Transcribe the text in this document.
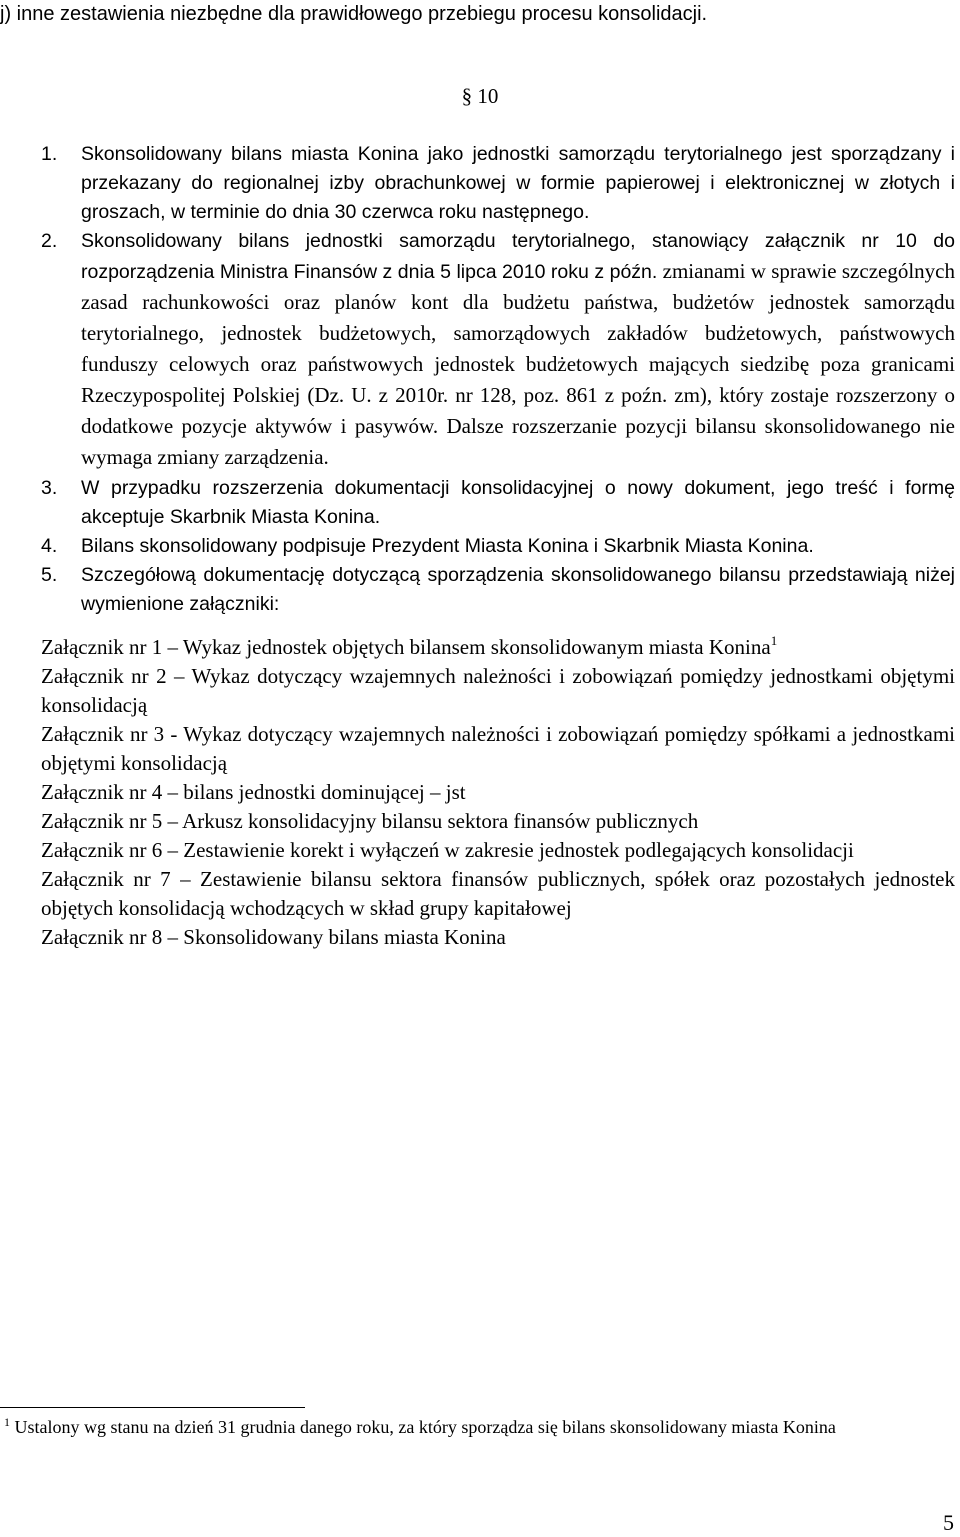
j) inne zestawienia niezbędne dla prawidłowego przebiegu procesu konsolidacji.

§ 10

1.	Skonsolidowany bilans miasta Konina jako jednostki samorządu terytorialnego jest sporządzany i przekazany do regionalnej izby obrachunkowej w formie papierowej i elektronicznej w złotych i groszach, w terminie do dnia 30 czerwca roku następnego.
2.	Skonsolidowany bilans jednostki samorządu terytorialnego, stanowiący załącznik nr 10 do rozporządzenia Ministra Finansów z dnia 5 lipca 2010 roku z późn. zmianami w sprawie szczególnych zasad rachunkowości oraz planów kont dla budżetu państwa, budżetów jednostek samorządu terytorialnego, jednostek budżetowych, samorządowych zakładów budżetowych, państwowych funduszy celowych oraz państwowych jednostek budżetowych mających siedzibę poza granicami Rzeczypospolitej Polskiej (Dz. U. z 2010r. nr 128, poz. 861 z poźn. zm), który zostaje rozszerzony o dodatkowe pozycje aktywów i pasywów. Dalsze rozszerzanie pozycji bilansu skonsolidowanego nie wymaga zmiany zarządzenia.
3.	W przypadku rozszerzenia dokumentacji konsolidacyjnej o nowy dokument, jego treść i formę akceptuje Skarbnik Miasta Konina.
4.	Bilans skonsolidowany podpisuje Prezydent Miasta Konina i Skarbnik Miasta Konina.
5.	Szczegółową dokumentację dotyczącą sporządzenia skonsolidowanego bilansu przedstawiają niżej wymienione załączniki:

Załącznik nr 1 – Wykaz jednostek objętych bilansem skonsolidowanym miasta Konina$^1$

Załącznik nr 2 – Wykaz dotyczący wzajemnych należności i zobowiązań pomiędzy jednostkami objętymi konsolidacją

Załącznik nr 3 - Wykaz dotyczący wzajemnych należności i zobowiązań pomiędzy spółkami a jednostkami objętymi konsolidacją

Załącznik nr 4 – bilans jednostki dominującej – jst

Załącznik nr 5 – Arkusz konsolidacyjny bilansu sektora finansów publicznych

Załącznik nr 6 – Zestawienie korekt i wyłączeń w zakresie jednostek podlegających konsolidacji

Załącznik nr 7 – Zestawienie bilansu sektora finansów publicznych, spółek oraz pozostałych jednostek objętych konsolidacją wchodzących w skład grupy kapitałowej

Załącznik nr 8 – Skonsolidowany bilans miasta Konina

$^1$ Ustalony wg stanu na dzień 31 grudnia danego roku, za który sporządza się bilans skonsolidowany miasta Konina

5
